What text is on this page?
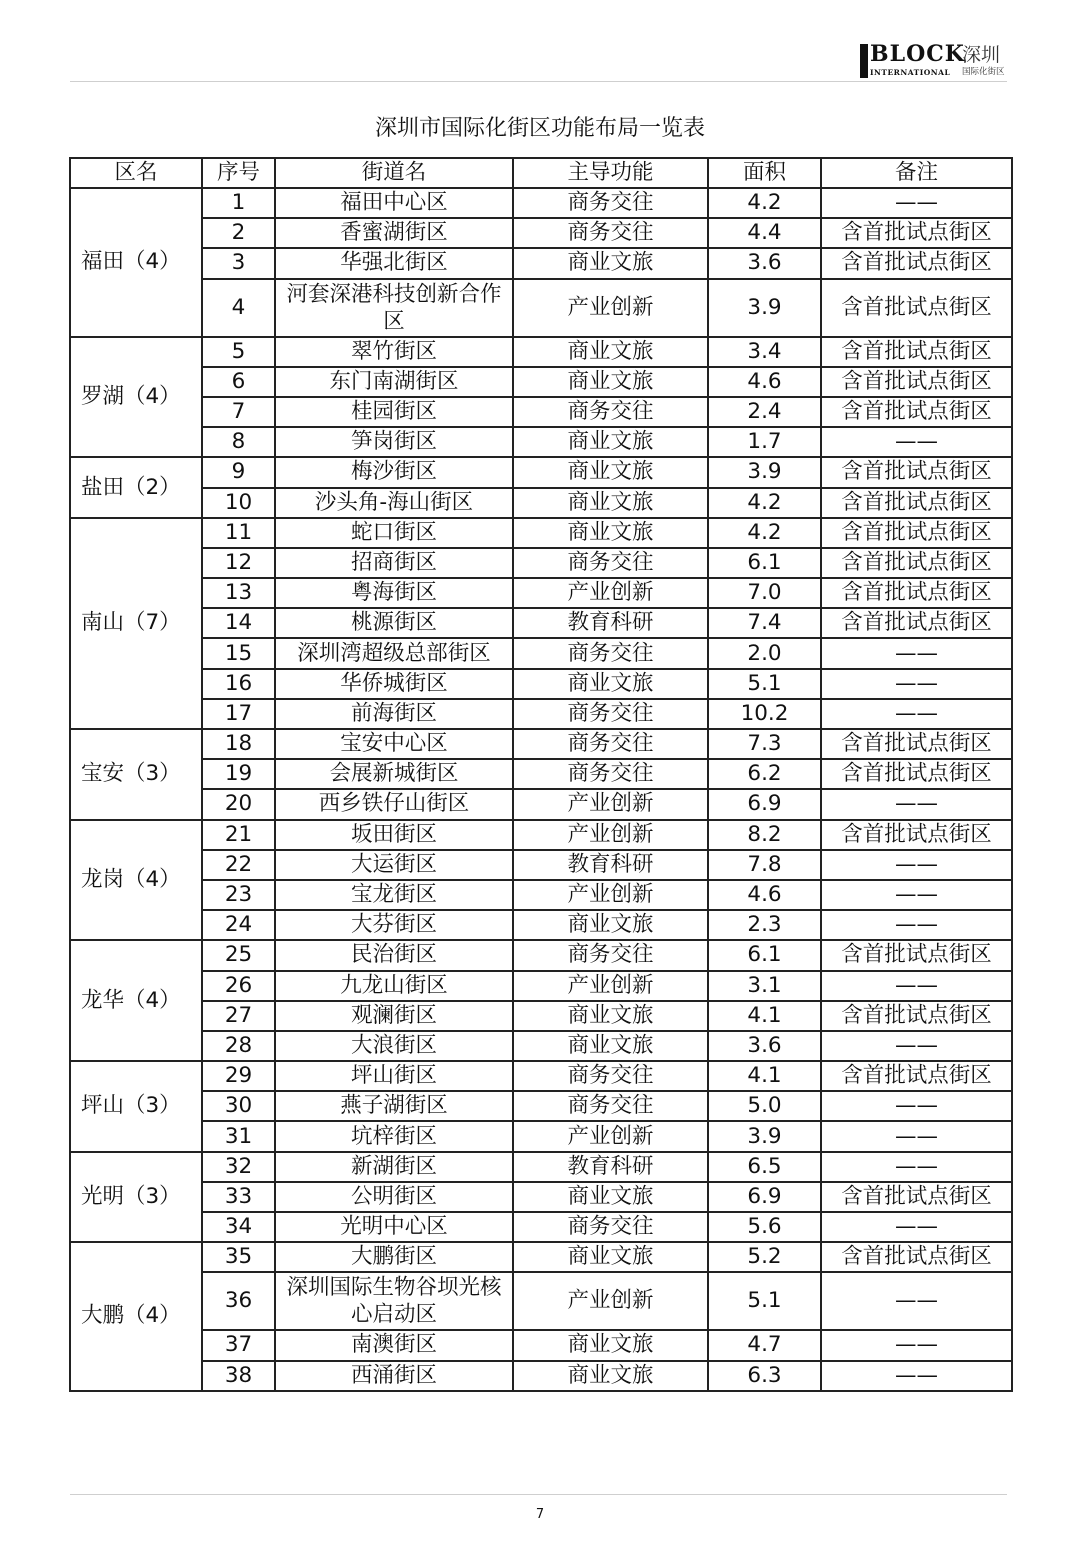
BLOCK
深圳
INTERNATIONAL 国际化街区
深圳市国际化街区功能布局一览表
区名	序号	街道名	主导功能	面积	备注
福田（4）	1	福田中心区	商务交往	4.2	——
	2	香蜜湖街区	商务交往	4.4	含首批试点街区
	3	华强北街区	商业文旅	3.6	含首批试点街区
	4	河套深港科技创新合作区	产业创新	3.9	含首批试点街区
罗湖（4）	5	翠竹街区	商业文旅	3.4	含首批试点街区
	6	东门南湖街区	商业文旅	4.6	含首批试点街区
	7	桂园街区	商务交往	2.4	含首批试点街区
	8	笋岗街区	商业文旅	1.7	——
盐田（2）	9	梅沙街区	商业文旅	3.9	含首批试点街区
	10	沙头角-海山街区	商业文旅	4.2	含首批试点街区
南山（7）	11	蛇口街区	商业文旅	4.2	含首批试点街区
	12	招商街区	商务交往	6.1	含首批试点街区
	13	粤海街区	产业创新	7.0	含首批试点街区
	14	桃源街区	教育科研	7.4	含首批试点街区
	15	深圳湾超级总部街区	商务交往	2.0	——
	16	华侨城街区	商业文旅	5.1	——
	17	前海街区	商务交往	10.2	——
宝安（3）	18	宝安中心区	商务交往	7.3	含首批试点街区
	19	会展新城街区	商务交往	6.2	含首批试点街区
	20	西乡铁仔山街区	产业创新	6.9	——
龙岗（4）	21	坂田街区	产业创新	8.2	含首批试点街区
	22	大运街区	教育科研	7.8	——
	23	宝龙街区	产业创新	4.6	——
	24	大芬街区	商业文旅	2.3	——
龙华（4）	25	民治街区	商务交往	6.1	含首批试点街区
	26	九龙山街区	产业创新	3.1	——
	27	观澜街区	商业文旅	4.1	含首批试点街区
	28	大浪街区	商业文旅	3.6	——
坪山（3）	29	坪山街区	商务交往	4.1	含首批试点街区
	30	燕子湖街区	商务交往	5.0	——
	31	坑梓街区	产业创新	3.9	——
光明（3）	32	新湖街区	教育科研	6.5	——
	33	公明街区	商业文旅	6.9	含首批试点街区
	34	光明中心区	商务交往	5.6	——
大鹏（4）	35	大鹏街区	商业文旅	5.2	含首批试点街区
	36	深圳国际生物谷坝光核心启动区	产业创新	5.1	——
	37	南澳街区	商业文旅	4.7	——
	38	西涌街区	商业文旅	6.3	——
7
